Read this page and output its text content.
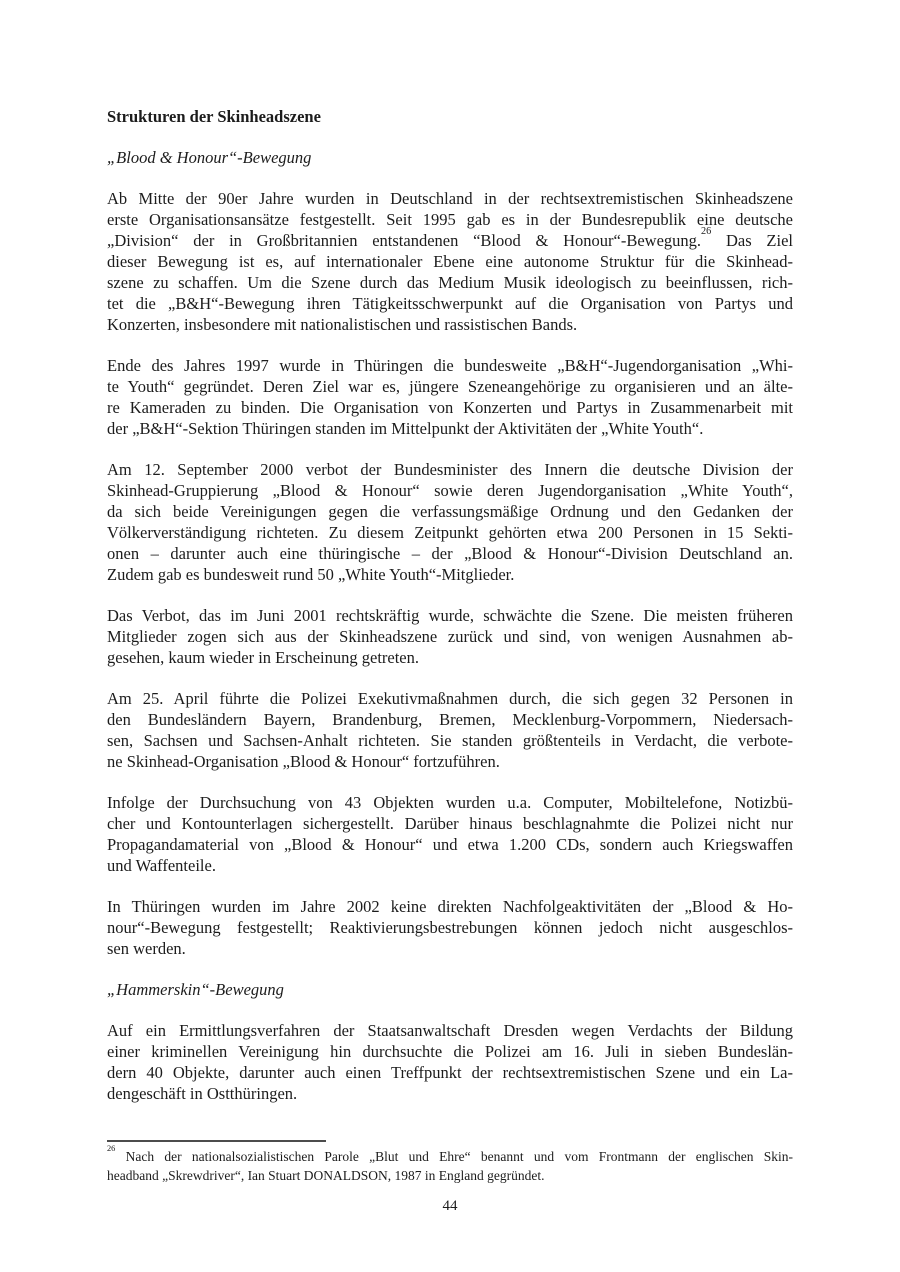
Strukturen der Skinheadszene
„Blood & Honour“-Bewegung
Ab Mitte der 90er Jahre wurden in Deutschland in der rechtsextremistischen Skinheadszene
erste Organisationsansätze festgestellt. Seit 1995 gab es in der Bundesrepublik eine deutsche
„Division“ der in Großbritannien entstandenen “Blood & Honour“-Bewegung.$^{26}$ Das Ziel
dieser Bewegung ist es, auf internationaler Ebene eine autonome Struktur für die Skinhead-
szene zu schaffen. Um die Szene durch das Medium Musik ideologisch zu beeinflussen, rich-
tet die „B&H“-Bewegung ihren Tätigkeitsschwerpunkt auf die Organisation von Partys und
Konzerten, insbesondere mit nationalistischen und rassistischen Bands.
Ende des Jahres 1997 wurde in Thüringen die bundesweite „B&H“-Jugendorganisation „Whi-
te Youth“ gegründet. Deren Ziel war es, jüngere Szeneangehörige zu organisieren und an älte-
re Kameraden zu binden. Die Organisation von Konzerten und Partys in Zusammenarbeit mit
der „B&H“-Sektion Thüringen standen im Mittelpunkt der Aktivitäten der „White Youth“.
Am 12. September 2000 verbot der Bundesminister des Innern die deutsche Division der
Skinhead-Gruppierung „Blood & Honour“ sowie deren Jugendorganisation „White Youth“,
da sich beide Vereinigungen gegen die verfassungsmäßige Ordnung und den Gedanken der
Völkerverständigung richteten. Zu diesem Zeitpunkt gehörten etwa 200 Personen in 15 Sekti-
onen – darunter auch eine thüringische – der „Blood & Honour“-Division Deutschland an.
Zudem gab es bundesweit rund 50 „White Youth“-Mitglieder.
Das Verbot, das im Juni 2001 rechtskräftig wurde, schwächte die Szene. Die meisten früheren
Mitglieder zogen sich aus der Skinheadszene zurück und sind, von wenigen Ausnahmen ab-
gesehen, kaum wieder in Erscheinung getreten.
Am 25. April führte die Polizei Exekutivmaßnahmen durch, die sich gegen 32 Personen in
den Bundesländern Bayern, Brandenburg, Bremen, Mecklenburg-Vorpommern, Niedersach-
sen, Sachsen und Sachsen-Anhalt richteten. Sie standen größtenteils in Verdacht, die verbote-
ne Skinhead-Organisation „Blood & Honour“ fortzuführen.
Infolge der Durchsuchung von 43 Objekten wurden u.a. Computer, Mobiltelefone, Notizbü-
cher und Kontounterlagen sichergestellt. Darüber hinaus beschlagnahmte die Polizei nicht nur
Propagandamaterial von „Blood & Honour“ und etwa 1.200 CDs, sondern auch Kriegswaffen
und Waffenteile.
In Thüringen wurden im Jahre 2002 keine direkten Nachfolgeaktivitäten der „Blood & Ho-
nour“-Bewegung festgestellt; Reaktivierungsbestrebungen können jedoch nicht ausgeschlos-
sen werden.
„Hammerskin“-Bewegung
Auf ein Ermittlungsverfahren der Staatsanwaltschaft Dresden wegen Verdachts der Bildung
einer kriminellen Vereinigung hin durchsuchte die Polizei am 16. Juli in sieben Bundeslän-
dern 40 Objekte, darunter auch einen Treffpunkt der rechtsextremistischen Szene und ein La-
dengeschäft in Ostthüringen.
$^{26}$ Nach der nationalsozialistischen Parole „Blut und Ehre“ benannt und vom Frontmann der englischen Skin-
headband „Skrewdriver“, Ian Stuart DONALDSON, 1987 in England gegründet.
44
